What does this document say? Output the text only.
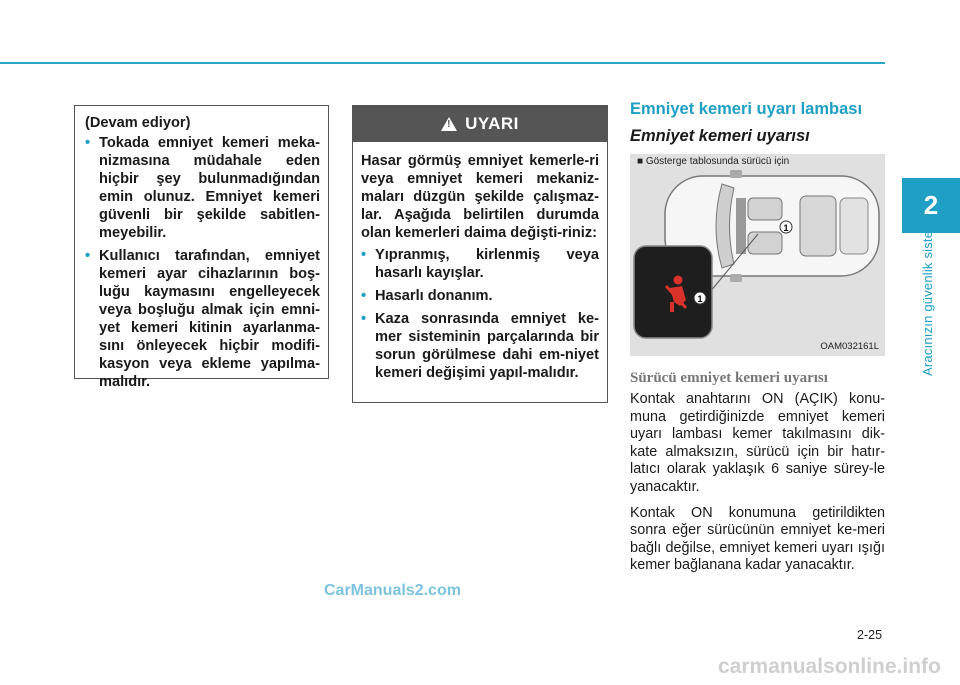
2
Aracınızın güvenlik sistemi
(Devam ediyor)
• Tokada emniyet kemeri meka-nizmasına müdahale eden hiçbir şey bulunmadığından emin olunuz. Emniyet kemeri güvenli bir şekilde sabitlen-meyebilir.
• Kullanıcı tarafından, emniyet kemeri ayar cihazlarının boş-luğu kaymasını engelleyecek veya boşluğu almak için emni-yet kemeri kitinin ayarlanma-sını önleyecek hiçbir modifi-kasyon veya ekleme yapılma-malıdır.
! UYARI
Hasar görmüş emniyet kemerle-ri veya emniyet kemeri mekaniz-maları düzgün şekilde çalışmaz-lar. Aşağıda belirtilen durumda olan kemerleri daima değişti-riniz:
• Yıpranmış, kirlenmiş veya hasarlı kayışlar.
• Hasarlı donanım.
• Kaza sonrasında emniyet ke-mer sisteminin parçalarında bir sorun görülmese dahi em-niyet kemeri değişimi yapıl-malıdır.
Emniyet kemeri uyarı lambası
Emniyet kemeri uyarısı
1
1
■ Gösterge tablosunda sürücü için
OAM032161L
Sürücü emniyet kemeri uyarısı

Kontak anahtarını ON (AÇIK) konu-muna getirdiğinizde emniyet kemeri uyarı lambası kemer takılmasını dik-kate almaksızın, sürücü için bir hatır-latıcı olarak yaklaşık 6 saniye sürey-le yanacaktır.

Kontak ON konumuna getirildikten sonra eğer sürücünün emniyet ke-meri bağlı değilse, emniyet kemeri uyarı ışığı kemer bağlanana kadar yanacaktır.

2-25
CarManuals2.com
carmanualsonline.info
